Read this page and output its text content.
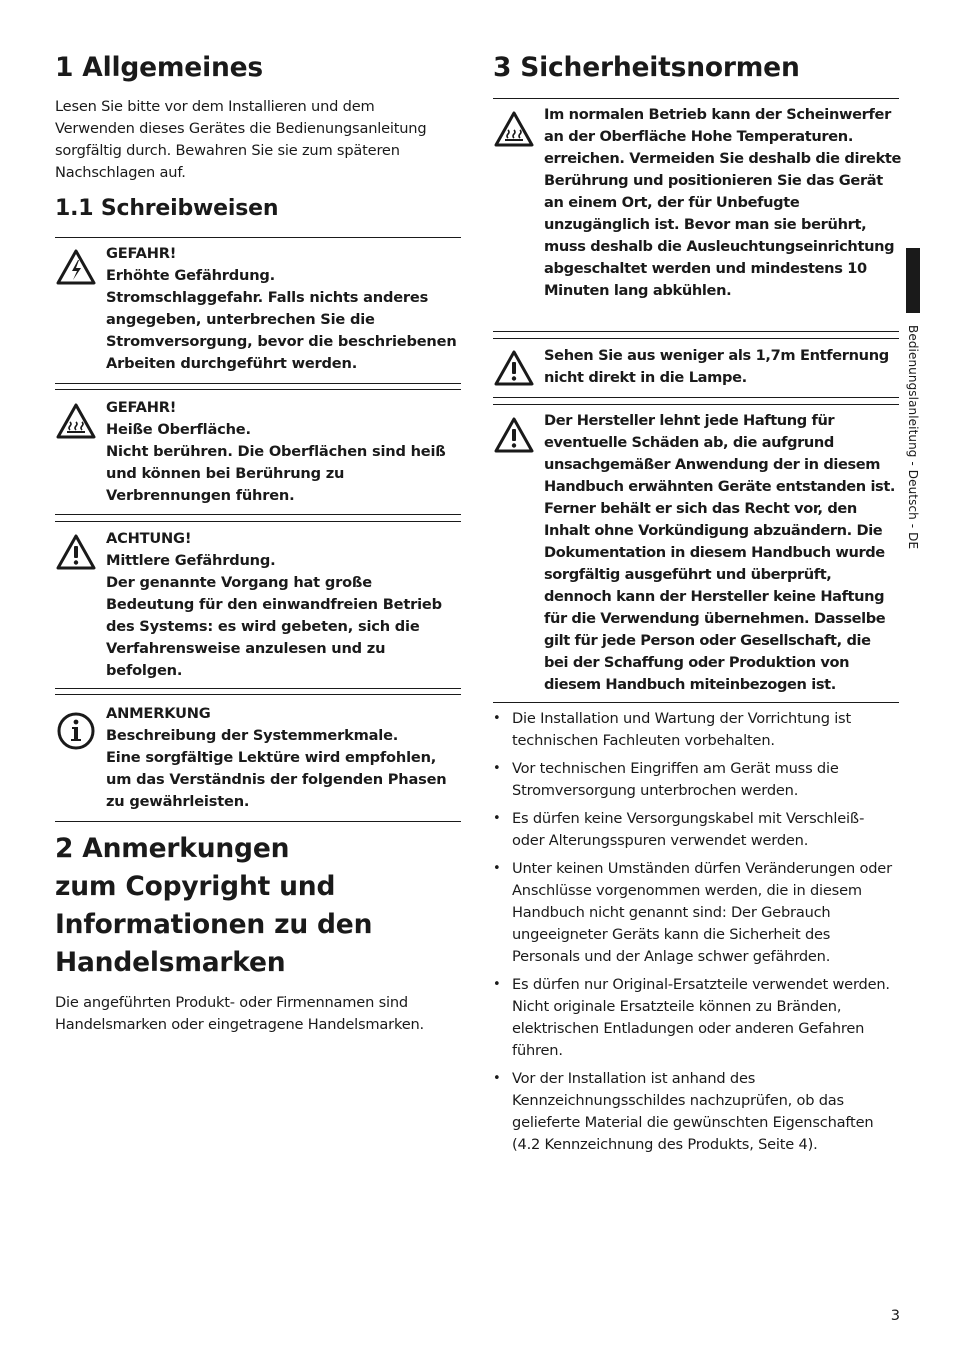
1 Allgemeines

Lesen Sie bitte vor dem Installieren und dem Verwenden dieses Gerätes die Bedienungsanleitung sorgfältig durch. Bewahren Sie sie zum späteren Nachschlagen auf.

1.1 Schreibweisen
GEFAHR!
Erhöhte Gefährdung.
Stromschlaggefahr. Falls nichts anderes angegeben, unterbrechen Sie die Stromversorgung, bevor die beschriebenen Arbeiten durchgeführt werden.
GEFAHR!
Heiße Oberfläche.
Nicht berühren. Die Oberflächen sind heiß und können bei Berührung zu Verbrennungen führen.
ACHTUNG!
Mittlere Gefährdung.
Der genannte Vorgang hat große Bedeutung für den einwandfreien Betrieb des Systems: es wird gebeten, sich die Verfahrensweise anzulesen und zu befolgen.
ANMERKUNG
Beschreibung der Systemmerkmale.
Eine sorgfältige Lektüre wird empfohlen, um das Verständnis der folgenden Phasen zu gewährleisten.
2 Anmerkungen
zum Copyright und
Informationen zu den
Handelsmarken

Die angeführten Produkt- oder Firmennamen sind Handelsmarken oder eingetragene Handelsmarken.

3 Sicherheitsnormen
Im normalen Betrieb kann der Scheinwerfer an der Oberfläche Hohe Temperaturen. erreichen. Vermeiden Sie deshalb die direkte Berührung und positionieren Sie das Gerät an einem Ort, der für Unbefugte unzugänglich ist. Bevor man sie berührt, muss deshalb die Ausleuchtungseinrichtung abgeschaltet werden und mindestens 10 Minuten lang abkühlen.
Sehen Sie aus weniger als 1,7m Entfernung nicht direkt in die Lampe.
Der Hersteller lehnt jede Haftung für eventuelle Schäden ab, die aufgrund unsachgemäßer Anwendung der in diesem Handbuch erwähnten Geräte entstanden ist. Ferner behält er sich das Recht vor, den Inhalt ohne Vorkündigung abzuändern. Die Dokumentation in diesem Handbuch wurde sorgfältig ausgeführt und überprüft, dennoch kann der Hersteller keine Haftung für die Verwendung übernehmen. Dasselbe gilt für jede Person oder Gesellschaft, die bei der Schaffung oder Produktion von diesem Handbuch miteinbezogen ist.
• Die Installation und Wartung der Vorrichtung ist technischen Fachleuten vorbehalten.
• Vor technischen Eingriffen am Gerät muss die Stromversorgung unterbrochen werden.
• Es dürfen keine Versorgungskabel mit Verschleiß- oder Alterungsspuren verwendet werden.
• Unter keinen Umständen dürfen Veränderungen oder Anschlüsse vorgenommen werden, die in diesem Handbuch nicht genannt sind: Der Gebrauch ungeeigneter Geräts kann die Sicherheit des Personals und der Anlage schwer gefährden.
• Es dürfen nur Original-Ersatzteile verwendet werden. Nicht originale Ersatzteile können zu Bränden, elektrischen Entladungen oder anderen Gefahren führen.
• Vor der Installation ist anhand des Kennzeichnungsschildes nachzuprüfen, ob das gelieferte Material die gewünschten Eigenschaften (4.2 Kennzeichnung des Produkts, Seite 4).
Bedienungslanleitung - Deutsch - DE
3
